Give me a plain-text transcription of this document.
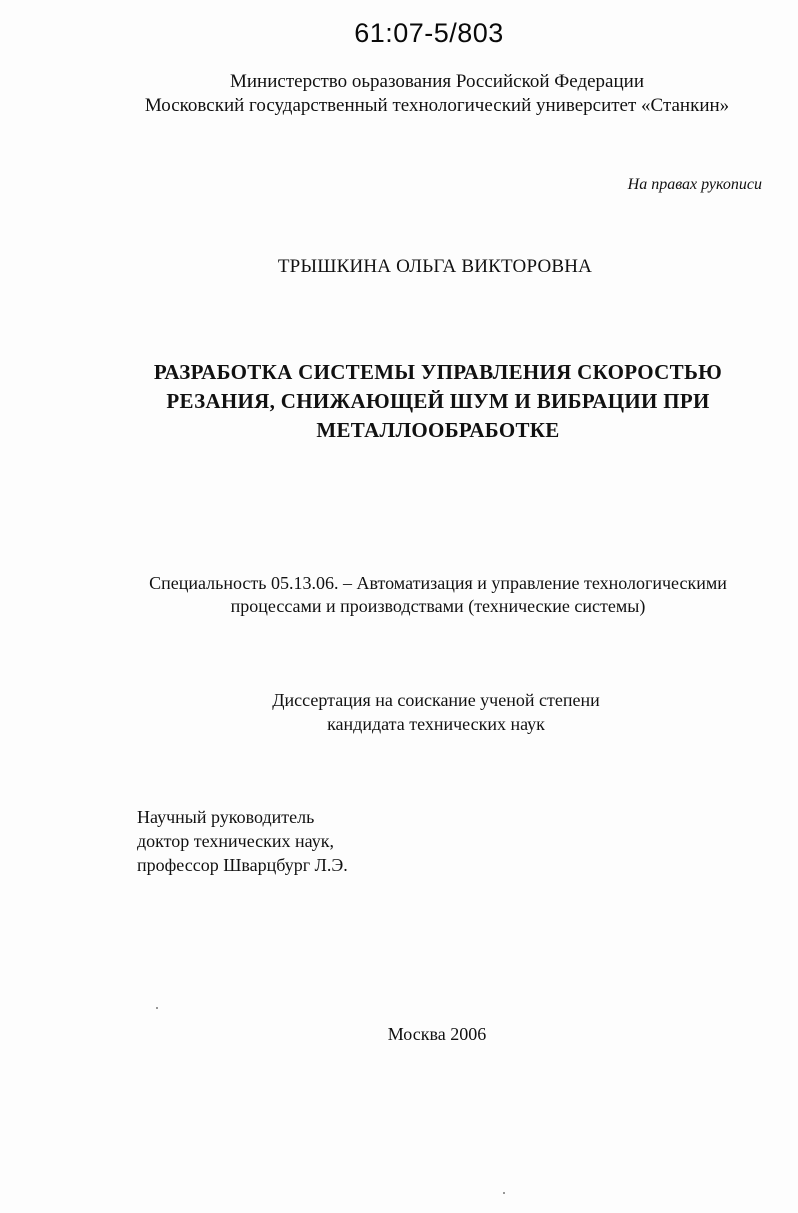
61:07-5/803
Министерство оьразования Российской Федерации
Московский государственный технологический университет «Станкин»
На правах рукописи
ТРЫШКИНА ОЛЬГА ВИКТОРОВНА
РАЗРАБОТКА СИСТЕМЫ УПРАВЛЕНИЯ СКОРОСТЬЮ
РЕЗАНИЯ, СНИЖАЮЩЕЙ ШУМ И ВИБРАЦИИ ПРИ
МЕТАЛЛООБРАБОТКЕ
Специальность 05.13.06. – Автоматизация и управление технологическими
процессами и производствами (технические системы)
Диссертация на соискание ученой степени
кандидата технических наук
Научный руководитель
доктор технических наук,
профессор Шварцбург Л.Э.
Москва 2006
